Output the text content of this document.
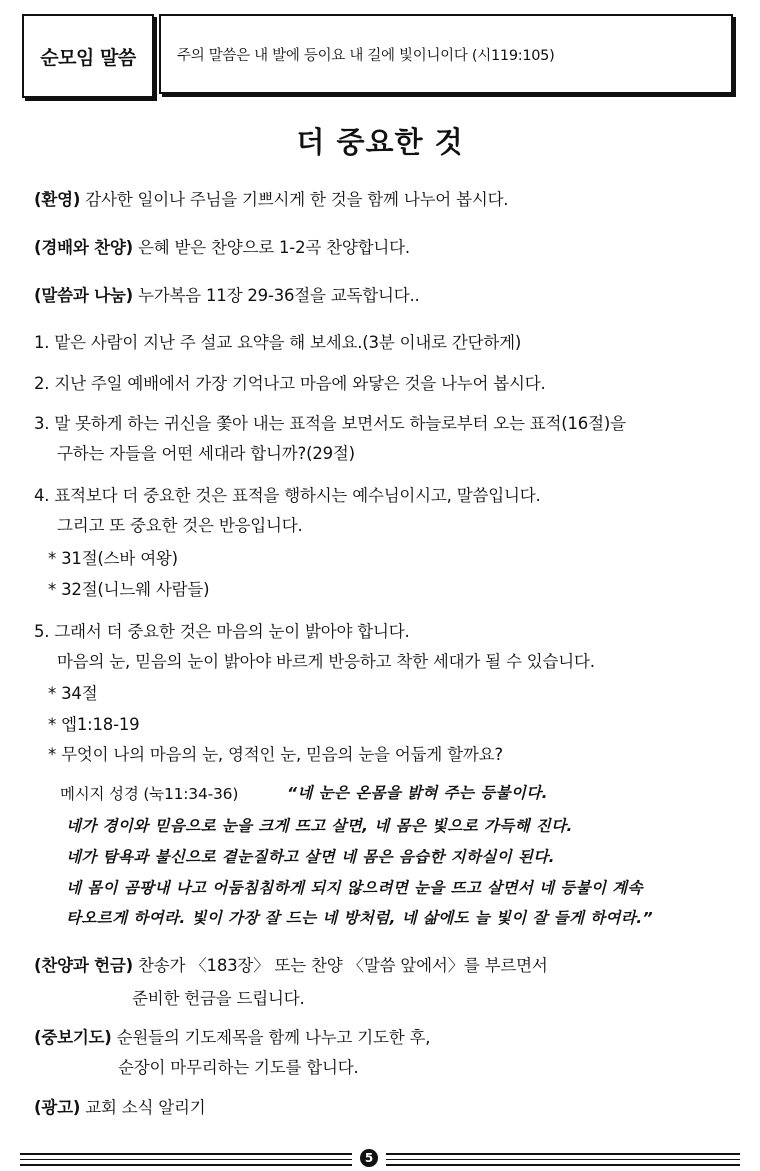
순모임 말씀	주의 말씀은 내 발에 등이요 내 길에 빛이니이다 (시119:105)
더 중요한 것
(환영) 감사한 일이나 주님을 기쁘시게 한 것을 함께 나누어 봅시다.
(경배와 찬양) 은혜 받은 찬양으로 1-2곡 찬양합니다.
(말씀과 나눔) 누가복음 11장 29-36절을 교독합니다..
1. 맡은 사람이 지난 주 설교 요약을 해 보세요.(3분 이내로 간단하게)
2. 지난 주일 예배에서 가장 기억나고 마음에 와닿은 것을 나누어 봅시다.
3. 말 못하게 하는 귀신을 쫓아 내는 표적을 보면서도 하늘로부터 오는 표적(16절)을
구하는 자들을 어떤 세대라 합니까?(29절)
4. 표적보다 더 중요한 것은 표적을 행하시는 예수님이시고, 말씀입니다.
그리고 또 중요한 것은 반응입니다.
* 31절(스바 여왕)
* 32절(니느웨 사람들)
5. 그래서 더 중요한 것은 마음의 눈이 밝아야 합니다.
마음의 눈, 믿음의 눈이 밝아야 바르게 반응하고 착한 세대가 될 수 있습니다.
* 34절
* 엡1:18-19
* 무엇이 나의 마음의 눈, 영적인 눈, 믿음의 눈을 어둡게 할까요?
메시지 성경 (눅11:34-36)	“네 눈은 온몸을 밝혀 주는 등불이다.
네가 경이와 믿음으로 눈을 크게 뜨고 살면, 네 몸은 빛으로 가득해 진다.
네가 탐욕과 불신으로 곁눈질하고 살면 네 몸은 음습한 지하실이 된다.
네 몸이 곰팡내 나고 어둠침침하게 되지 않으려면 눈을 뜨고 살면서 네 등불이 계속
타오르게 하여라. 빛이 가장 잘 드는 네 방처럼, 네 삶에도 늘 빛이 잘 들게 하여라.”
(찬양과 헌금) 찬송가 〈183장〉 또는 찬양 〈말씀 앞에서〉를 부르면서
준비한 헌금을 드립니다.
(중보기도) 순원들의 기도제목을 함께 나누고 기도한 후,
순장이 마무리하는 기도를 합니다.
(광고) 교회 소식 알리기
5
